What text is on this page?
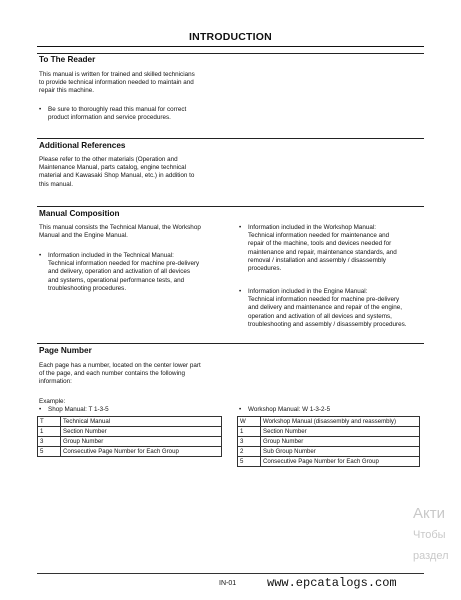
INTRODUCTION
To The Reader
This manual is written for trained and skilled technicians
to provide technical information needed to maintain and
repair this machine.
• Be sure to thoroughly read this manual for correct
product information and service procedures.
Additional References
Please refer to the other materials (Operation and
Maintenance Manual, parts catalog, engine technical
material and Kawasaki Shop Manual, etc.) in addition to
this manual.
Manual Composition
This manual consists the Technical Manual, the Workshop
Manual and the Engine Manual.
• Information included in the Technical Manual:
Technical information needed for machine pre-delivery
and delivery, operation and activation of all devices
and systems, operational performance tests, and
troubleshooting procedures.
• Information included in the Workshop Manual:
Technical information needed for maintenance and
repair of the machine, tools and devices needed for
maintenance and repair, maintenance standards, and
removal / installation and assembly / disassembly
procedures.
• Information included in the Engine Manual:
Technical information needed for machine pre-delivery
and delivery and maintenance and repair of the engine,
operation and activation of all devices and systems,
troubleshooting and assembly / disassembly procedures.
Page Number
Each page has a number, located on the center lower part
of the page, and each number contains the following
information:
Example:
• Shop Manual: T 1-3-5
T	Technical Manual
1	Section Number
3	Group Number
5	Consecutive Page Number for Each Group
• Workshop Manual: W 1-3-2-5
W	Workshop Manual (disassembly and reassembly)
1	Section Number
3	Group Number
2	Sub Group Number
5	Consecutive Page Number for Each Group
Акти
Чтобы
раздел
IN-01	www.epcatalogs.com
